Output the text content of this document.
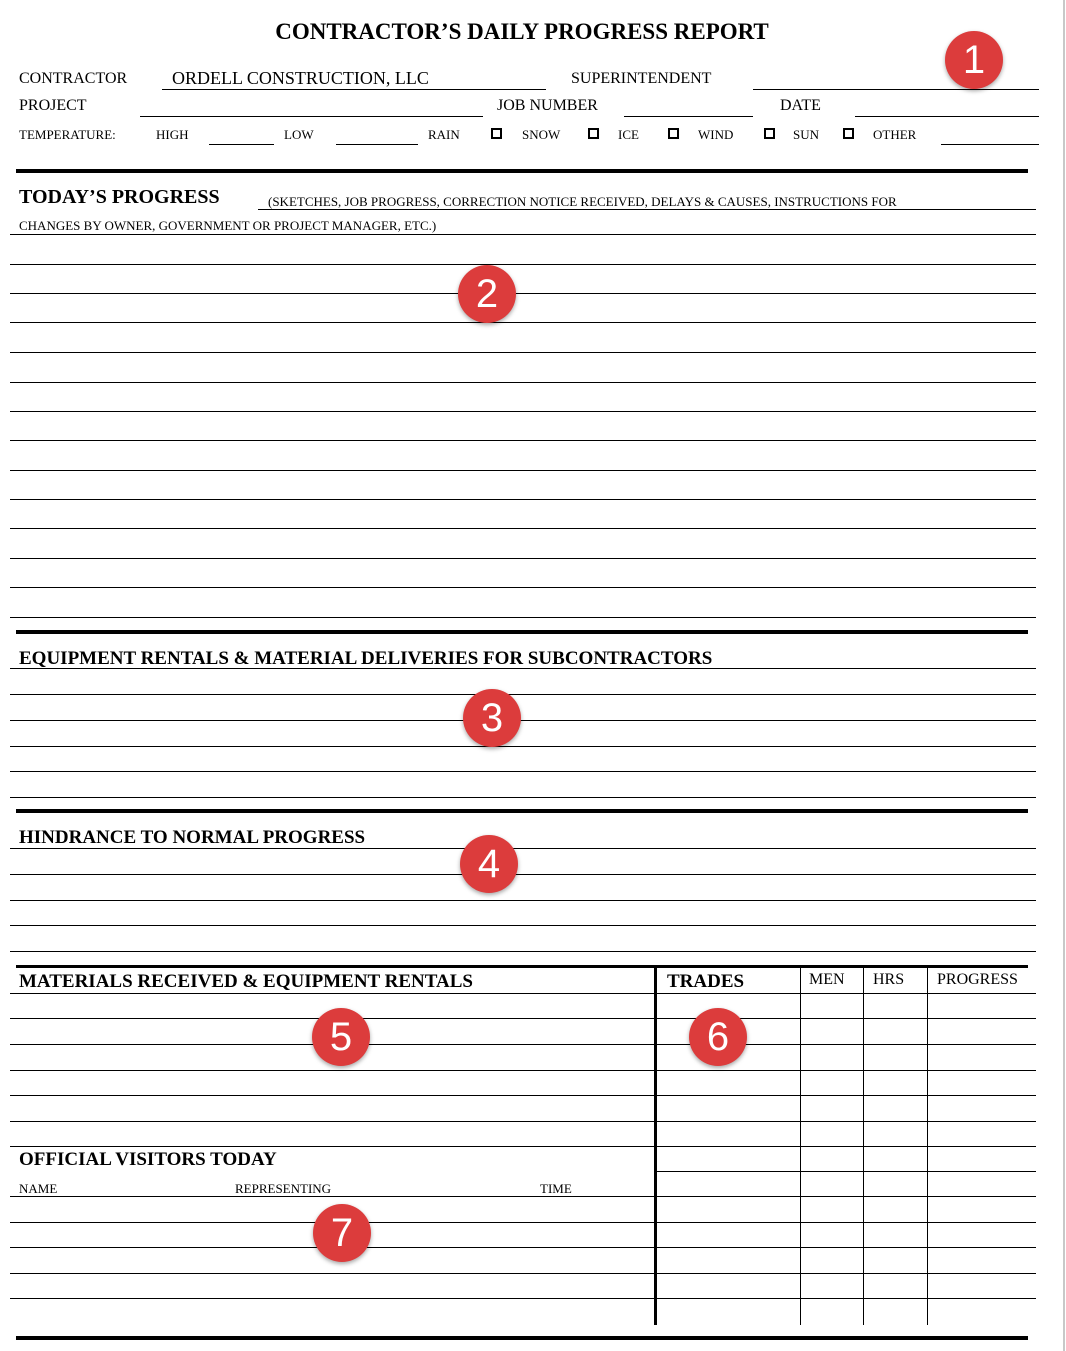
CONTRACTOR’S DAILY PROGRESS REPORT
CONTRACTOR ORDELL CONSTRUCTION, LLC	SUPERINTENDENT
PROJECT	JOB NUMBER	DATE
TEMPERATURE:	HIGH	LOW	RAIN	SNOW	ICE	WIND	SUN	OTHER
TODAY’S PROGRESS	(SKETCHES, JOB PROGRESS, CORRECTION NOTICE RECEIVED, DELAYS & CAUSES, INSTRUCTIONS FOR
CHANGES BY OWNER, GOVERNMENT OR PROJECT MANAGER, ETC.)
EQUIPMENT RENTALS & MATERIAL DELIVERIES FOR SUBCONTRACTORS
HINDRANCE TO NORMAL PROGRESS
MATERIALS RECEIVED & EQUIPMENT RENTALS	TRADES	MEN HRS PROGRESS
OFFICIAL VISITORS TODAY
NAME	REPRESENTING	TIME
1
2
3
4
5	6
7
